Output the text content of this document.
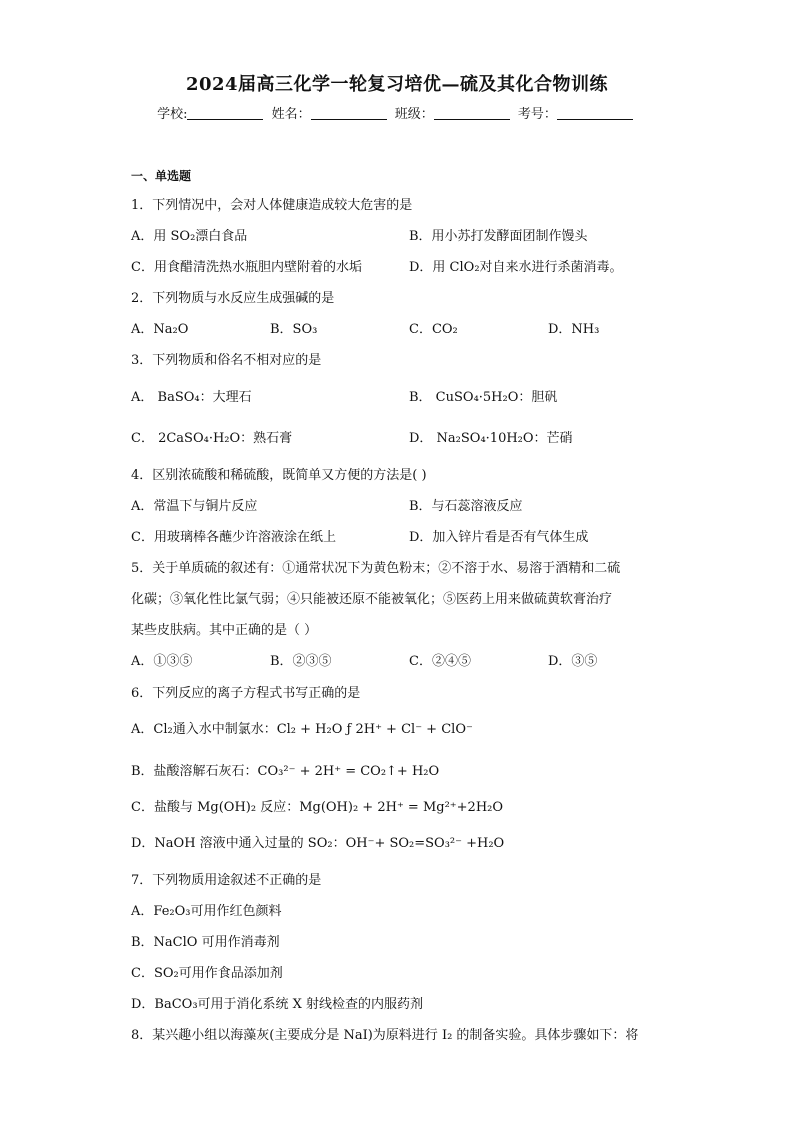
2024届高三化学一轮复习培优—硫及其化合物训练
学校:	姓名：	班级：	考号：
一、单选题
1．下列情况中，会对人体健康造成较大危害的是
A．用 SO₂漂白食品	B．用小苏打发酵面团制作馒头
C．用食醋清洗热水瓶胆内壁附着的水垢	D．用 ClO₂对自来水进行杀菌消毒。
2．下列物质与水反应生成强碱的是
A．Na₂O	B．SO₃	C．CO₂	D．NH₃
3．下列物质和俗名不相对应的是
A． BaSO₄：大理石	B． CuSO₄·5H₂O：胆矾
C． 2CaSO₄·H₂O：熟石膏	D． Na₂SO₄·10H₂O：芒硝
4．区别浓硫酸和稀硫酸，既简单又方便的方法是( )
A．常温下与铜片反应	B．与石蕊溶液反应
C．用玻璃棒各蘸少许溶液涂在纸上	D．加入锌片看是否有气体生成
5．关于单质硫的叙述有：①通常状况下为黄色粉末；②不溶于水、易溶于酒精和二硫
化碳；③氧化性比氯气弱；④只能被还原不能被氧化；⑤医药上用来做硫黄软膏治疗
某些皮肤病。其中正确的是（ ）
A．①③⑤	B．②③⑤	C．②④⑤	D．③⑤
6．下列反应的离子方程式书写正确的是
A．Cl₂通入水中制氯水：Cl₂ + H₂O ƒ 2H⁺ + Cl⁻ + ClO⁻
B．盐酸溶解石灰石：CO₃²⁻ + 2H⁺ = CO₂↑+ H₂O
C．盐酸与 Mg(OH)₂ 反应：Mg(OH)₂ + 2H⁺ = Mg²⁺+2H₂O
D．NaOH 溶液中通入过量的 SO₂：OH⁻+ SO₂=SO₃²⁻ +H₂O
7．下列物质用途叙述不正确的是
A．Fe₂O₃可用作红色颜料
B．NaClO 可用作消毒剂
C．SO₂可用作食品添加剂
D．BaCO₃可用于消化系统 X 射线检查的内服药剂
8．某兴趣小组以海藻灰(主要成分是 NaI)为原料进行 I₂ 的制备实验。具体步骤如下：将
